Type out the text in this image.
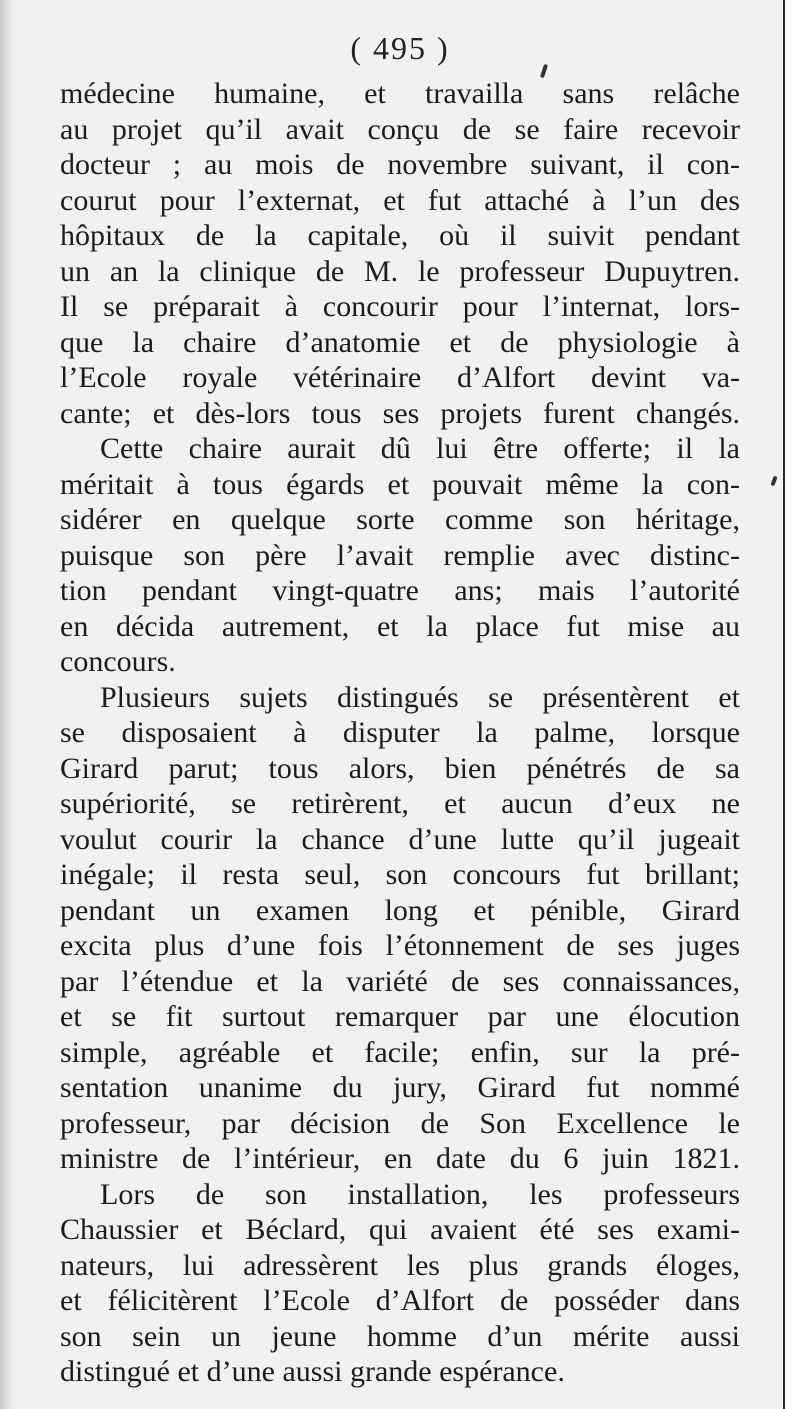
( 495 )
médecine humaine, et travailla sans relâche
au projet qu’il avait conçu de se faire recevoir
docteur ; au mois de novembre suivant, il con-
courut pour l’externat, et fut attaché à l’un des
hôpitaux de la capitale, où il suivit pendant
un an la clinique de M. le professeur Dupuytren.
Il se préparait à concourir pour l’internat, lors-
que la chaire d’anatomie et de physiologie à
l’Ecole royale vétérinaire d’Alfort devint va-
cante; et dès-lors tous ses projets furent changés.
Cette chaire aurait dû lui être offerte; il la
méritait à tous égards et pouvait même la con-
sidérer en quelque sorte comme son héritage,
puisque son père l’avait remplie avec distinc-
tion pendant vingt-quatre ans; mais l’autorité
en décida autrement, et la place fut mise au
concours.
Plusieurs sujets distingués se présentèrent et
se disposaient à disputer la palme, lorsque
Girard parut; tous alors, bien pénétrés de sa
supériorité, se retirèrent, et aucun d’eux ne
voulut courir la chance d’une lutte qu’il jugeait
inégale; il resta seul, son concours fut brillant;
pendant un examen long et pénible, Girard
excita plus d’une fois l’étonnement de ses juges
par l’étendue et la variété de ses connaissances,
et se fit surtout remarquer par une élocution
simple, agréable et facile; enfin, sur la pré-
sentation unanime du jury, Girard fut nommé
professeur, par décision de Son Excellence le
ministre de l’intérieur, en date du 6 juin 1821.
Lors de son installation, les professeurs
Chaussier et Béclard, qui avaient été ses exami-
nateurs, lui adressèrent les plus grands éloges,
et félicitèrent l’Ecole d’Alfort de posséder dans
son sein un jeune homme d’un mérite aussi
distingué et d’une aussi grande espérance.
